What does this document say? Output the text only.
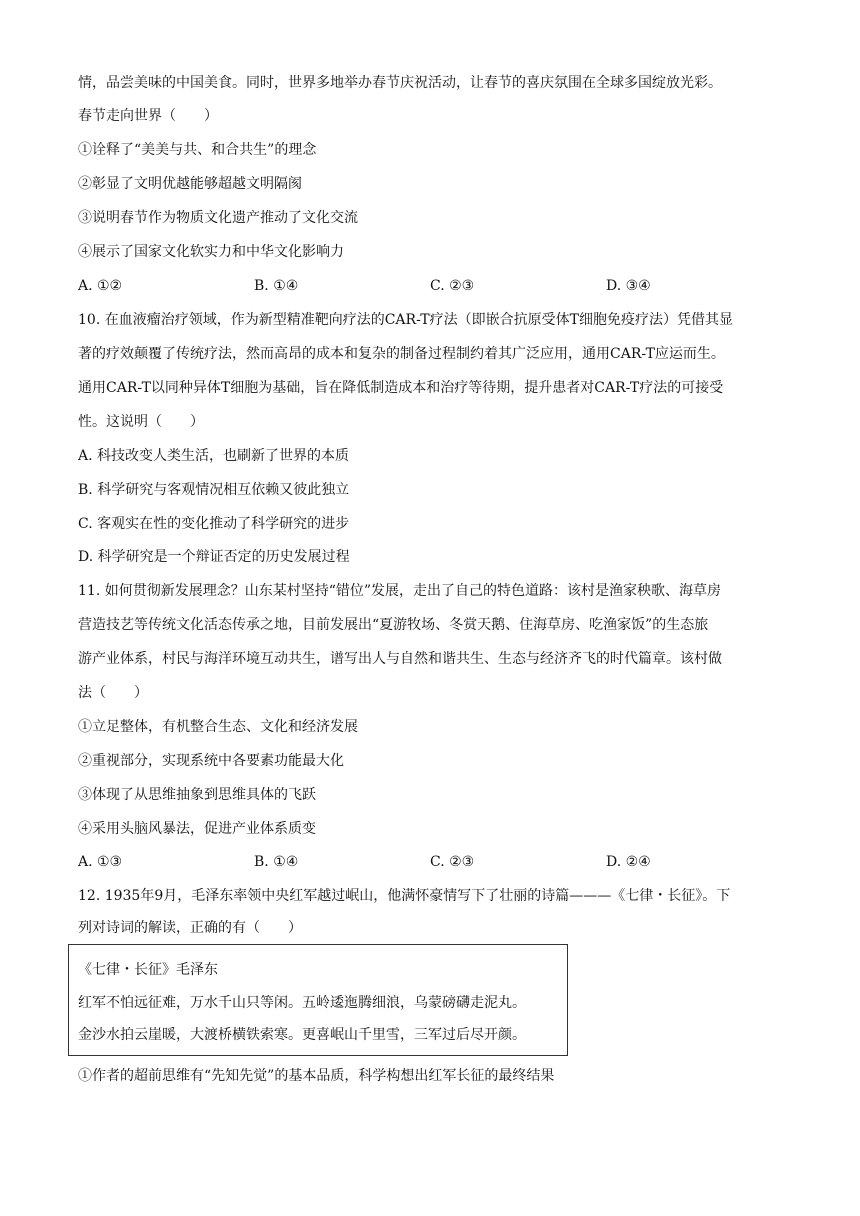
情，品尝美味的中国美食。同时，世界多地举办春节庆祝活动，让春节的喜庆氛围在全球多国绽放光彩。
春节走向世界（　　）
①诠释了“美美与共、和合共生”的理念
②彰显了文明优越能够超越文明隔阂
③说明春节作为物质文化遗产推动了文化交流
④展示了国家文化软实力和中华文化影响力
A. ①②	B. ①④	C. ②③	D. ③④
10. 在血液瘤治疗领域，作为新型精准靶向疗法的CAR-T疗法（即嵌合抗原受体T细胞免疫疗法）凭借其显
著的疗效颠覆了传统疗法，然而高昂的成本和复杂的制备过程制约着其广泛应用，通用CAR-T应运而生。
通用CAR-T以同种异体T细胞为基础，旨在降低制造成本和治疗等待期，提升患者对CAR-T疗法的可接受
性。这说明（　　）
A. 科技改变人类生活，也刷新了世界的本质
B. 科学研究与客观情况相互依赖又彼此独立
C. 客观实在性的变化推动了科学研究的进步
D. 科学研究是一个辩证否定的历史发展过程
11. 如何贯彻新发展理念？山东某村坚持“错位”发展，走出了自己的特色道路：该村是渔家秧歌、海草房
营造技艺等传统文化活态传承之地，目前发展出“夏游牧场、冬赏天鹅、住海草房、吃渔家饭”的生态旅
游产业体系，村民与海洋环境互动共生，谱写出人与自然和谐共生、生态与经济齐飞的时代篇章。该村做
法（　　）
①立足整体，有机整合生态、文化和经济发展
②重视部分，实现系统中各要素功能最大化
③体现了从思维抽象到思维具体的飞跃
④采用头脑风暴法，促进产业体系质变
A. ①③	B. ①④	C. ②③	D. ②④
12. 1935年9月，毛泽东率领中央红军越过岷山，他满怀豪情写下了壮丽的诗篇———《七律・长征》。下
列对诗词的解读，正确的有（　　）
《七律・长征》毛泽东
红军不怕远征难，万水千山只等闲。五岭逶迤腾细浪，乌蒙磅礴走泥丸。
金沙水拍云崖暖，大渡桥横铁索寒。更喜岷山千里雪，三军过后尽开颜。
①作者的超前思维有“先知先觉”的基本品质，科学构想出红军长征的最终结果
